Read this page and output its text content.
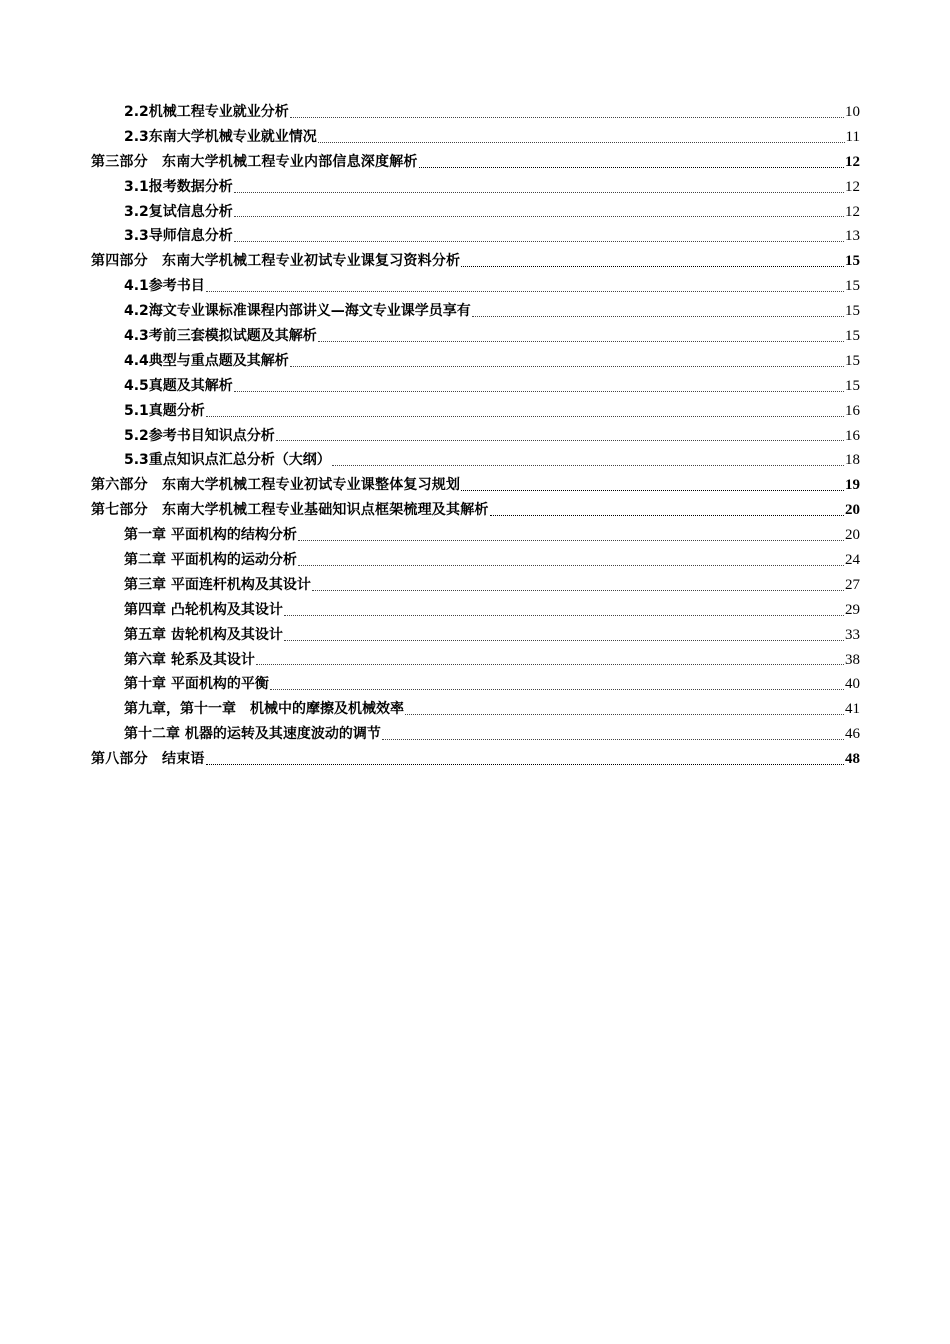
2.2机械工程专业就业分析	10
2.3东南大学机械专业就业情况	11
第三部分　东南大学机械工程专业内部信息深度解析	12
3.1报考数据分析	12
3.2复试信息分析	12
3.3导师信息分析	13
第四部分　东南大学机械工程专业初试专业课复习资料分析	15
4.1参考书目	15
4.2海文专业课标准课程内部讲义—海文专业课学员享有	15
4.3考前三套模拟试题及其解析	15
4.4典型与重点题及其解析	15
4.5真题及其解析	15
5.1真题分析	16
5.2参考书目知识点分析	16
5.3重点知识点汇总分析（大纲）	18
第六部分　东南大学机械工程专业初试专业课整体复习规划	19
第七部分　东南大学机械工程专业基础知识点框架梳理及其解析	20
第一章 平面机构的结构分析	20
第二章 平面机构的运动分析	24
第三章 平面连杆机构及其设计	27
第四章 凸轮机构及其设计	29
第五章 齿轮机构及其设计	33
第六章 轮系及其设计	38
第十章 平面机构的平衡	40
第九章，第十一章　机械中的摩擦及机械效率	41
第十二章 机器的运转及其速度波动的调节	46
第八部分　结束语	48
